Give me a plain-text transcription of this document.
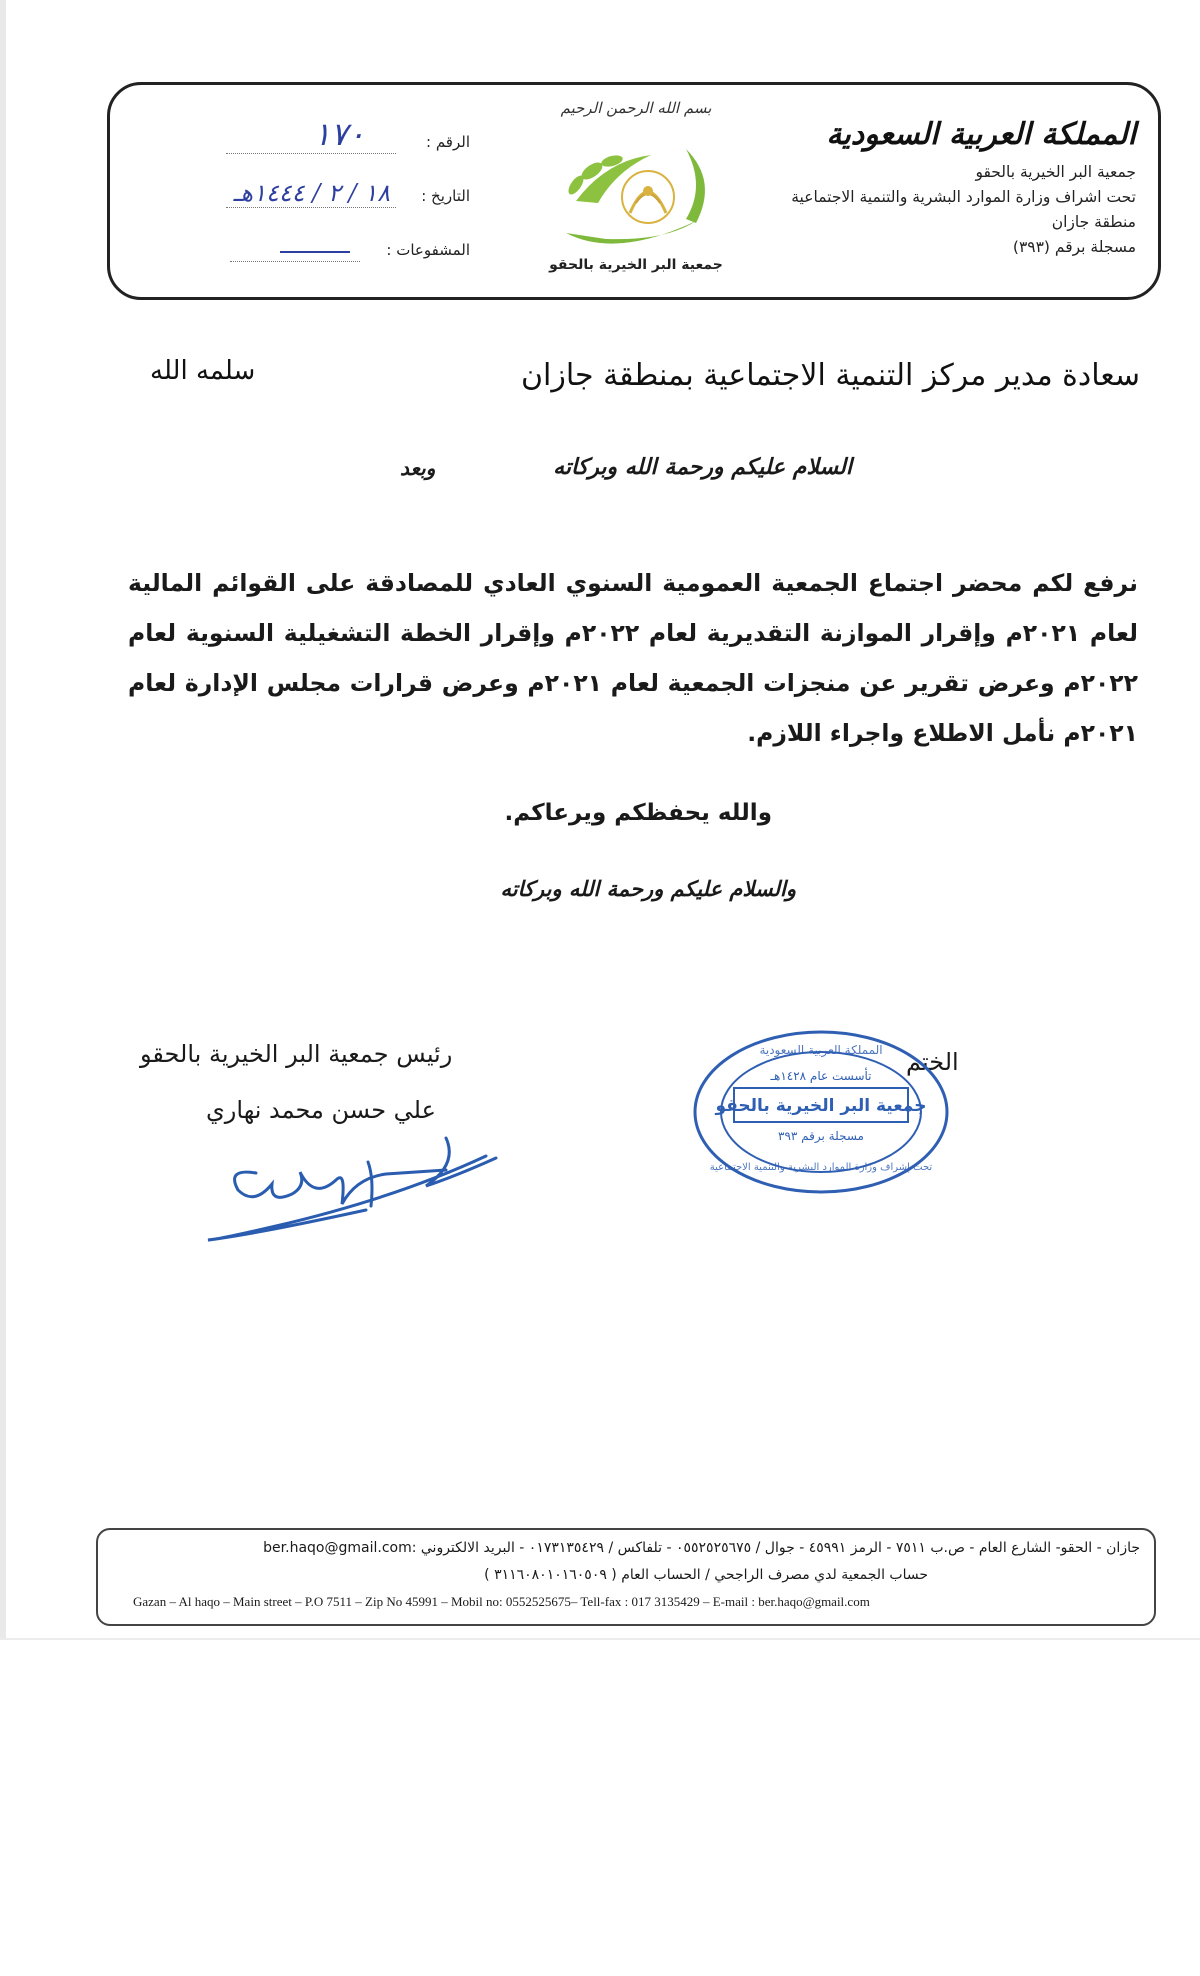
المملكة العربية السعودية
جمعية البر الخيرية بالحقو
تحت اشراف وزارة الموارد البشرية والتنمية الاجتماعية
منطقة جازان
مسجلة برقم (٣٩٣)
بسم الله الرحمن الرحيم
جمعية البر الخيرية بالحقو
الرقم :
١٧٠
التاريخ :
١٨ / ٢ / ١٤٤٤هـ
المشفوعات :
سعادة مدير مركز التنمية الاجتماعية بمنطقة جازان
سلمه الله
السلام عليكم ورحمة الله وبركاته
وبعد
نرفع لكم محضر اجتماع الجمعية العمومية السنوي العادي للمصادقة على القوائم المالية لعام ٢٠٢١م وإقرار الموازنة التقديرية لعام ٢٠٢٢م وإقرار الخطة التشغيلية السنوية لعام ٢٠٢٢م وعرض تقرير عن منجزات الجمعية لعام ٢٠٢١م وعرض قرارات مجلس الإدارة لعام ٢٠٢١م نأمل الاطلاع واجراء اللازم.
والله يحفظكم ويرعاكم.
والسلام عليكم ورحمة الله وبركاته
الختم
المملكة العربية السعودية
تأسست عام ١٤٢٨هـ
جمعية البر الخيرية بالحقو
مسجلة برقم ٣٩٣
تحت إشراف وزارة الموارد البشرية والتنمية الاجتماعية
رئيس جمعية البر الخيرية بالحقو
علي حسن محمد نهاري
جازان - الحقو- الشارع العام - ص.ب ٧٥١١ - الرمز ٤٥٩٩١ - جوال / ٠٥٥٢٥٢٥٦٧٥ - تلفاكس / ٠١٧٣١٣٥٤٢٩ - البريد الالكتروني :ber.haqo@gmail.com
حساب الجمعية لدي مصرف الراجحي / الحساب العام ( ٣١١٦٠٨٠١٠١٦٠٥٠٩ )
Gazan – Al haqo – Main street – P.O 7511 – Zip No 45991 – Mobil no: 0552525675– Tell-fax : 017 3135429 – E-mail : ber.haqo@gmail.com
